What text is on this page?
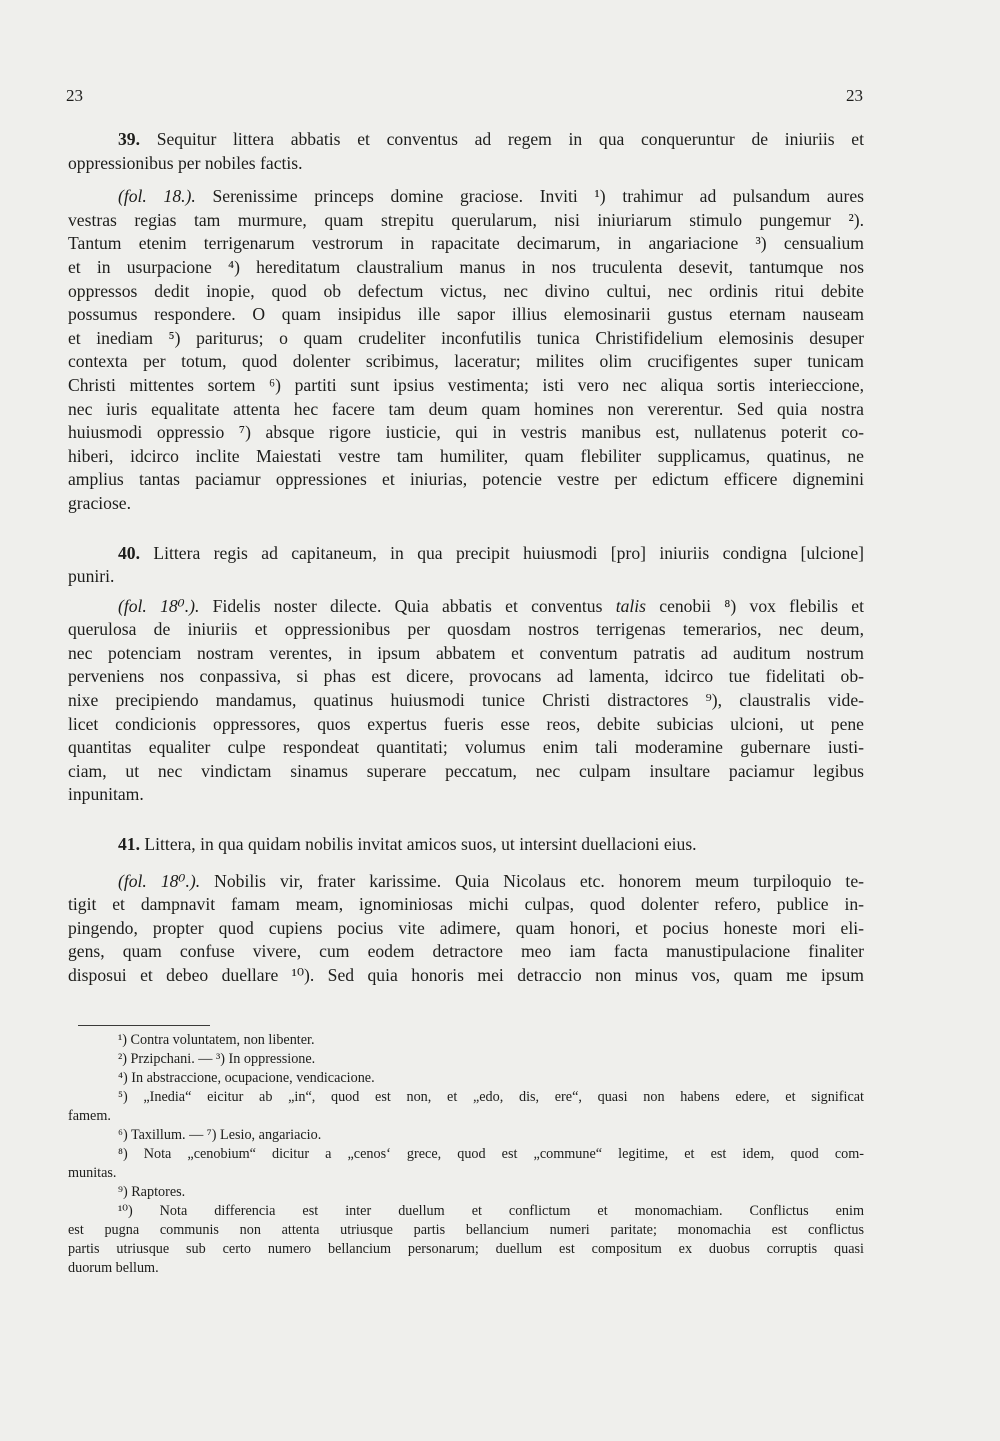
23	23

39. Sequitur littera abbatis et conventus ad regem in qua conqueruntur de iniuriis et
oppressionibus per nobiles factis.

(fol. 18.). Serenissime princeps domine graciose. Inviti ¹) trahimur ad pulsandum aures
vestras regias tam murmure, quam strepitu querularum, nisi iniuriarum stimulo pungemur ²).
Tantum etenim terrigenarum vestrorum in rapacitate decimarum, in angariacione ³) censualium
et in usurpacione ⁴) hereditatum claustralium manus in nos truculenta desevit, tantumque nos
oppressos dedit inopie, quod ob defectum victus, nec divino cultui, nec ordinis ritui debite
possumus respondere. O quam insipidus ille sapor illius elemosinarii gustus eternam nauseam
et inediam ⁵) pariturus; o quam crudeliter inconfutilis tunica Christifidelium elemosinis desuper
contexta per totum, quod dolenter scribimus, laceratur; milites olim crucifigentes super tunicam
Christi mittentes sortem ⁶) partiti sunt ipsius vestimenta; isti vero nec aliqua sortis interieccione,
nec iuris equalitate attenta hec facere tam deum quam homines non vererentur. Sed quia nostra
huiusmodi oppressio ⁷) absque rigore iusticie, qui in vestris manibus est, nullatenus poterit co-
hiberi, idcirco inclite Maiestati vestre tam humiliter, quam flebiliter supplicamus, quatinus, ne
amplius tantas paciamur oppressiones et iniurias, potencie vestre per edictum efficere dignemini
graciose.

40. Littera regis ad capitaneum, in qua precipit huiusmodi [pro] iniuriis condigna [ulcione]
puniri.

(fol. 18⁰.). Fidelis noster dilecte. Quia abbatis et conventus talis cenobii ⁸) vox flebilis et
querulosa de iniuriis et oppressionibus per quosdam nostros terrigenas temerarios, nec deum,
nec potenciam nostram verentes, in ipsum abbatem et conventum patratis ad auditum nostrum
perveniens nos conpassiva, si phas est dicere, provocans ad lamenta, idcirco tue fidelitati ob-
nixe precipiendo mandamus, quatinus huiusmodi tunice Christi distractores ⁹), claustralis vide-
licet condicionis oppressores, quos expertus fueris esse reos, debite subicias ulcioni, ut pene
quantitas equaliter culpe respondeat quantitati; volumus enim tali moderamine gubernare iusti-
ciam, ut nec vindictam sinamus superare peccatum, nec culpam insultare paciamur legibus
inpunitam.

41. Littera, in qua quidam nobilis invitat amicos suos, ut intersint duellacioni eius.

(fol. 18⁰.). Nobilis vir, frater karissime. Quia Nicolaus etc. honorem meum turpiloquio te-
tigit et dampnavit famam meam, ignominiosas michi culpas, quod dolenter refero, publice in-
pingendo, propter quod cupiens pocius vite adimere, quam honori, et pocius honeste mori eli-
gens, quam confuse vivere, cum eodem detractore meo iam facta manustipulacione finaliter
disposui et debeo duellare ¹⁰). Sed quia honoris mei detraccio non minus vos, quam me ipsum

¹) Contra voluntatem, non libenter.
²) Przipchani. — ³) In oppressione.
⁴) In abstraccione, ocupacione, vendicacione.
⁵) „Inedia“ eicitur ab „in“, quod est non, et „edo, dis, ere“, quasi non habens edere, et significat
famem.
⁶) Taxillum. — ⁷) Lesio, angariacio.
⁸) Nota „cenobium“ dicitur a „cenos‘ grece, quod est „commune“ legitime, et est idem, quod com-
munitas.
⁹) Raptores.
¹⁰) Nota differencia est inter duellum et conflictum et monomachiam. Conflictus enim
est pugna communis non attenta utriusque partis bellancium numeri paritate; monomachia est conflictus
partis utriusque sub certo numero bellancium personarum; duellum est compositum ex duobus corruptis quasi
duorum bellum.
